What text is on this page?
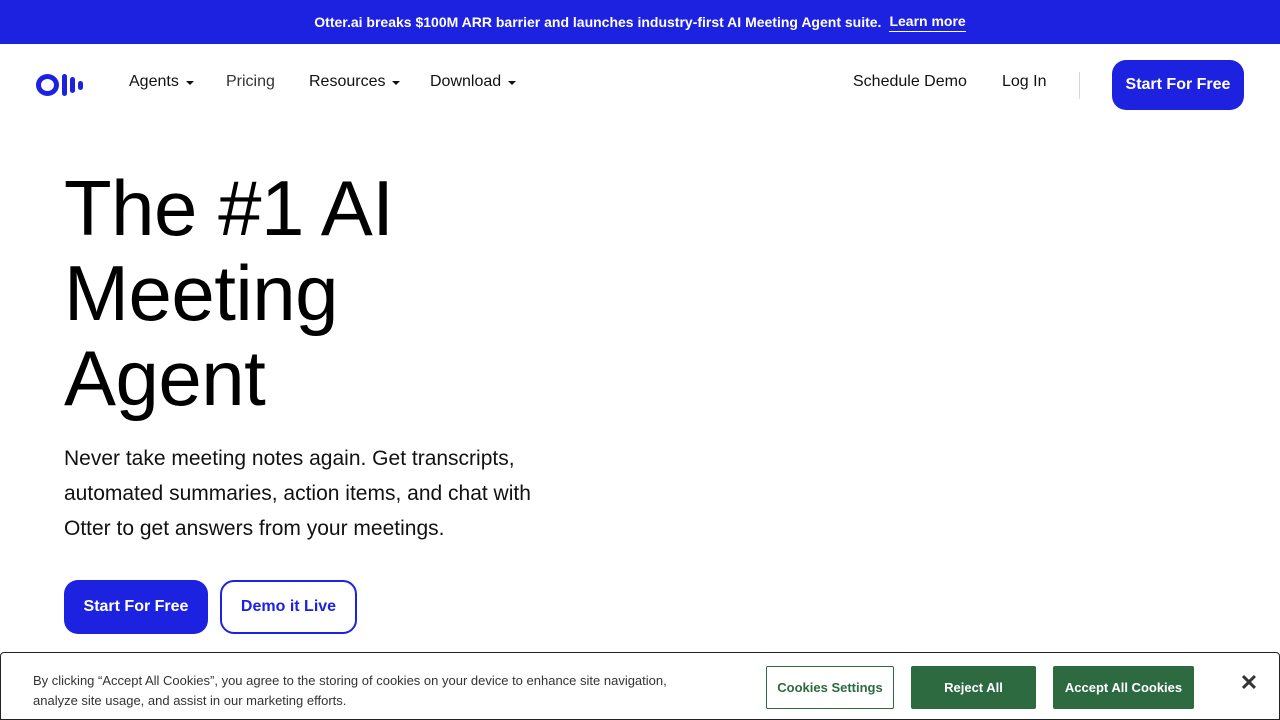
Otter.ai breaks $100M ARR barrier and launches industry-first AI Meeting Agent suite. Learn more
Agents	Pricing Resources	Download	Schedule Demo Log In	Start For Free
The #1 AI
Meeting
Agent

Never take meeting notes again. Get transcripts, automated summaries, action items, and chat with Otter to get answers from your meetings.

Start For Free	Demo it Live

By clicking “Accept All Cookies”, you agree to the storing of cookies on your device to enhance site navigation, analyze site usage, and assist in our marketing efforts.

Cookies Settings	Reject All	Accept All Cookies	✕
